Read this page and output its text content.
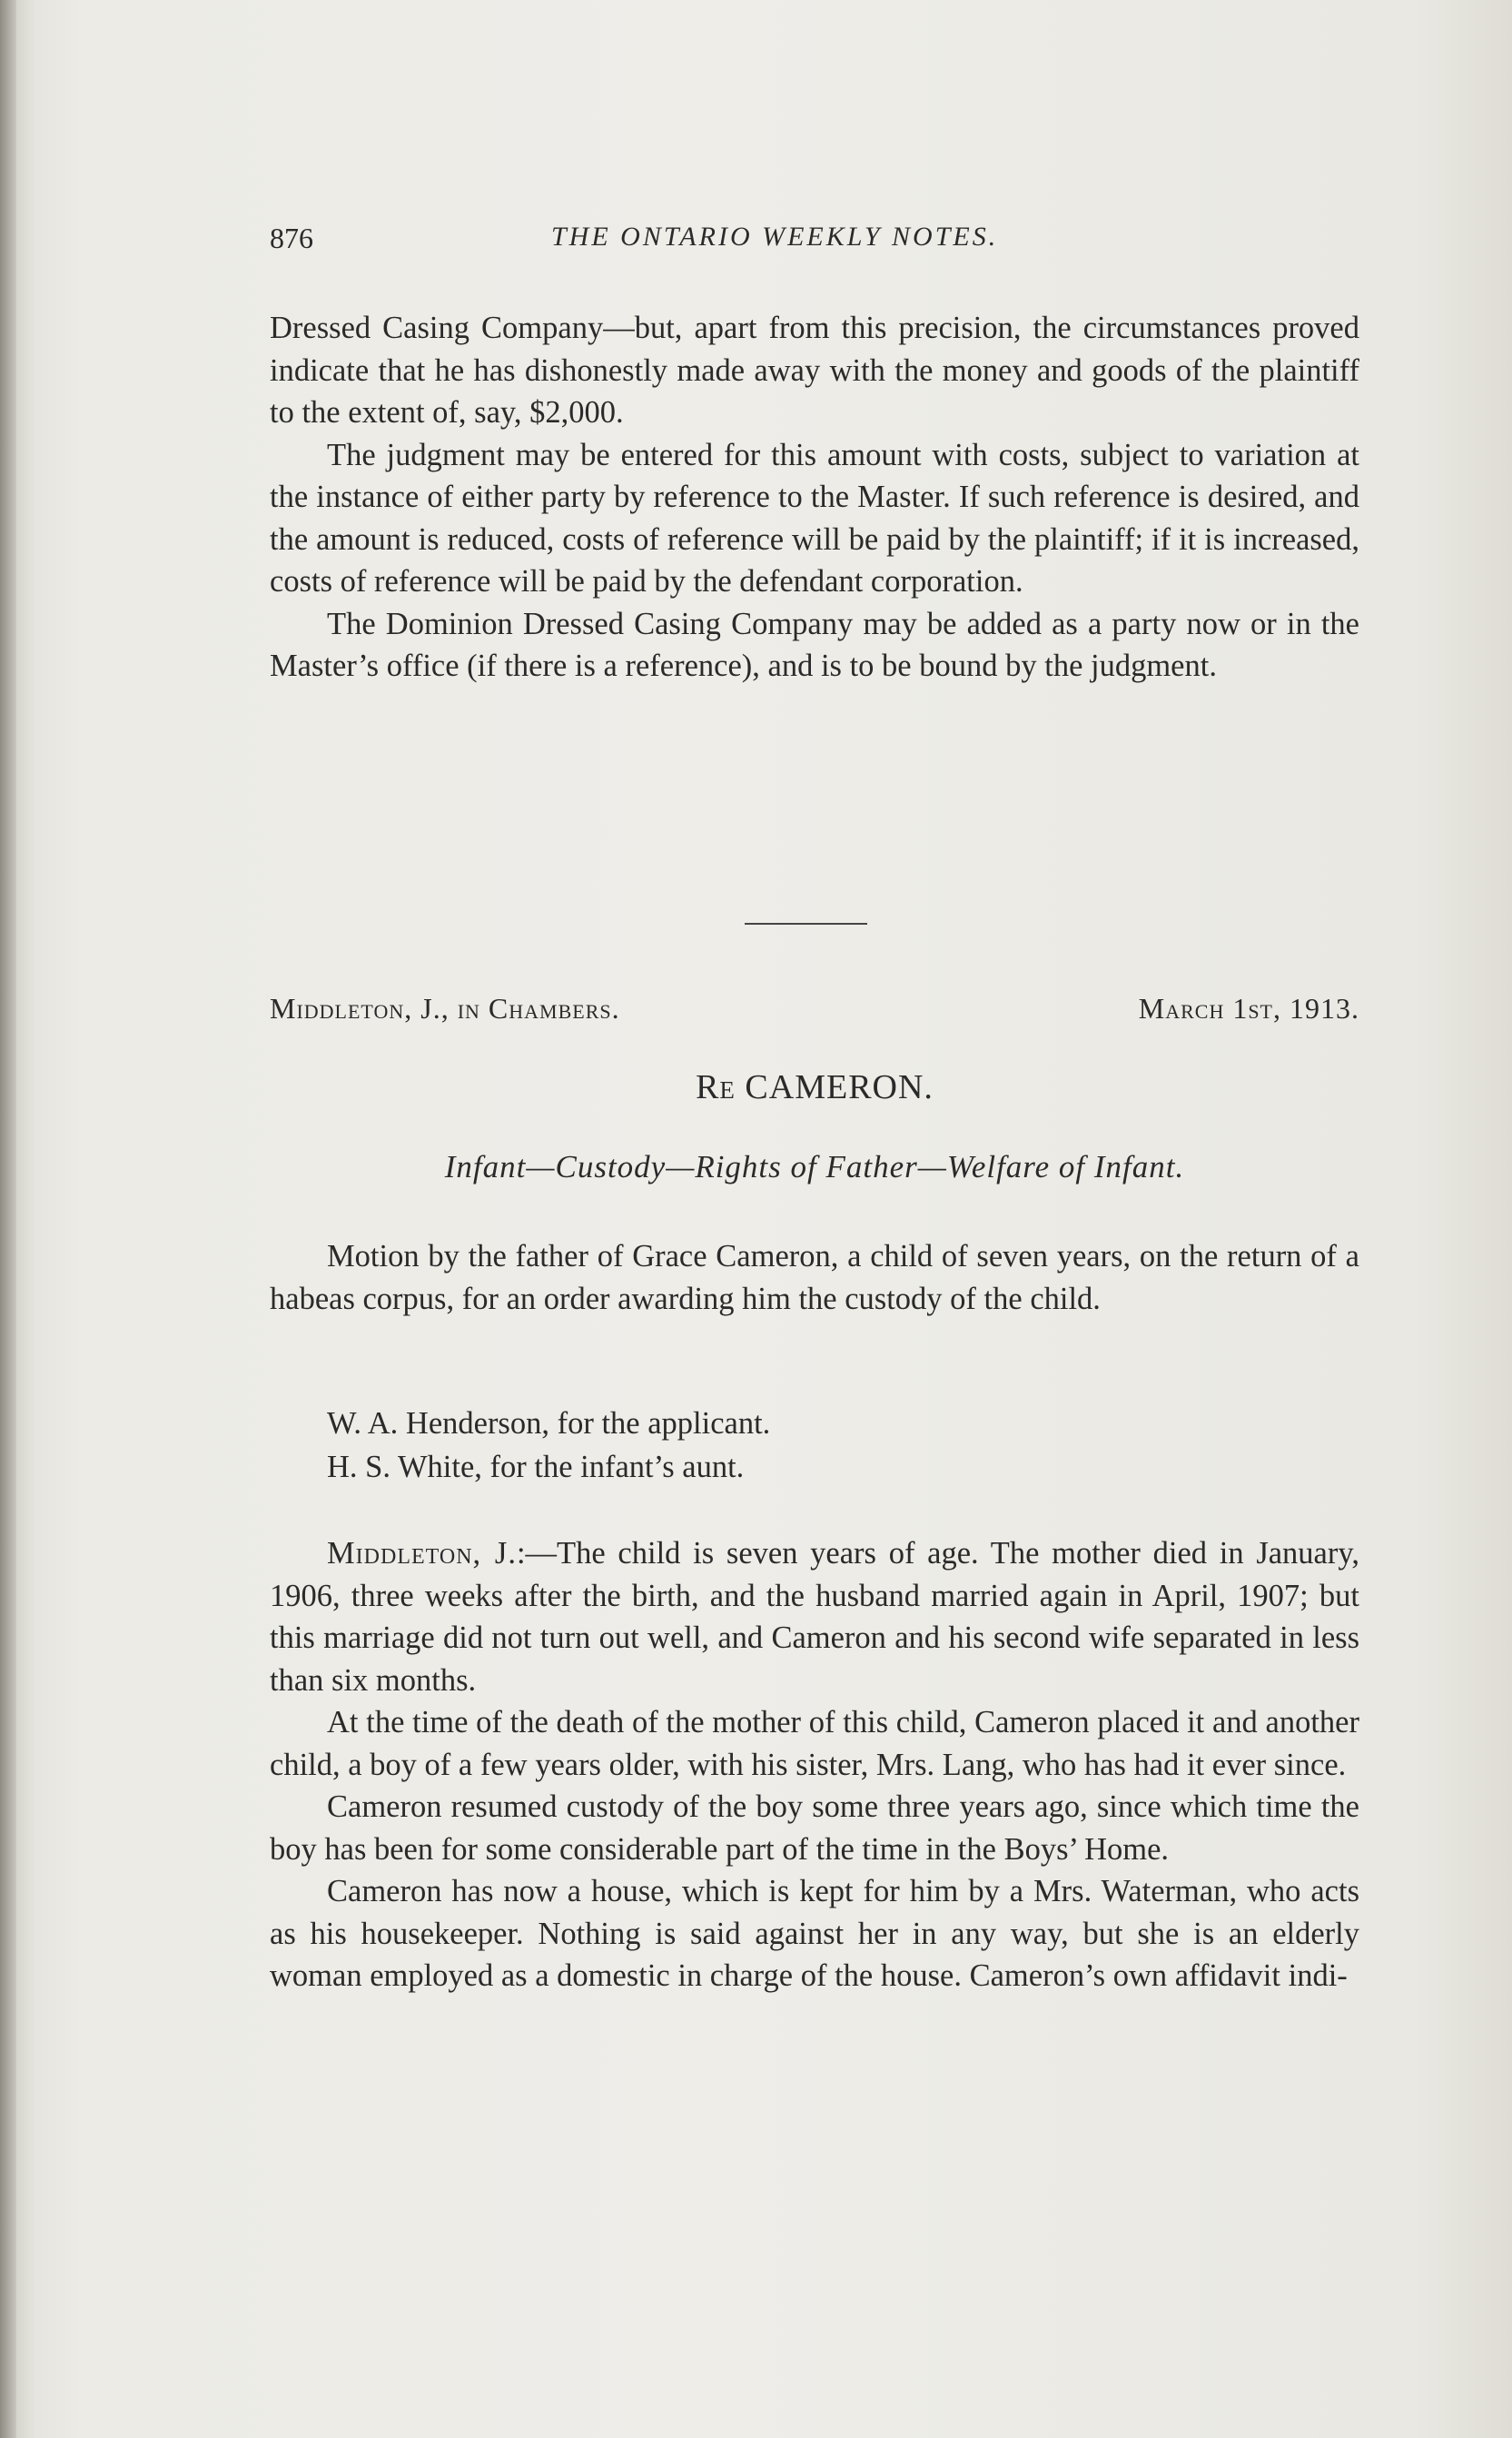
876	THE ONTARIO WEEKLY NOTES.

Dressed Casing Company—but, apart from this precision, the circumstances proved indicate that he has dishonestly made away with the money and goods of the plaintiff to the extent of, say, $2,000.

The judgment may be entered for this amount with costs, subject to variation at the instance of either party by reference to the Master. If such reference is desired, and the amount is reduced, costs of reference will be paid by the plaintiff; if it is increased, costs of reference will be paid by the defendant corporation.

The Dominion Dressed Casing Company may be added as a party now or in the Master’s office (if there is a reference), and is to be bound by the judgment.

Middleton, J., in Chambers.	March 1st, 1913.
Re CAMERON.
Infant—Custody—Rights of Father—Welfare of Infant.

Motion by the father of Grace Cameron, a child of seven years, on the return of a habeas corpus, for an order awarding him the custody of the child.

W. A. Henderson, for the applicant.
H. S. White, for the infant’s aunt.

Middleton, J.:—The child is seven years of age. The mother died in January, 1906, three weeks after the birth, and the husband married again in April, 1907; but this marriage did not turn out well, and Cameron and his second wife separated in less than six months.

At the time of the death of the mother of this child, Cameron placed it and another child, a boy of a few years older, with his sister, Mrs. Lang, who has had it ever since.

Cameron resumed custody of the boy some three years ago, since which time the boy has been for some considerable part of the time in the Boys’ Home.

Cameron has now a house, which is kept for him by a Mrs. Waterman, who acts as his housekeeper. Nothing is said against her in any way, but she is an elderly woman employed as a domestic in charge of the house. Cameron’s own affidavit indi-
